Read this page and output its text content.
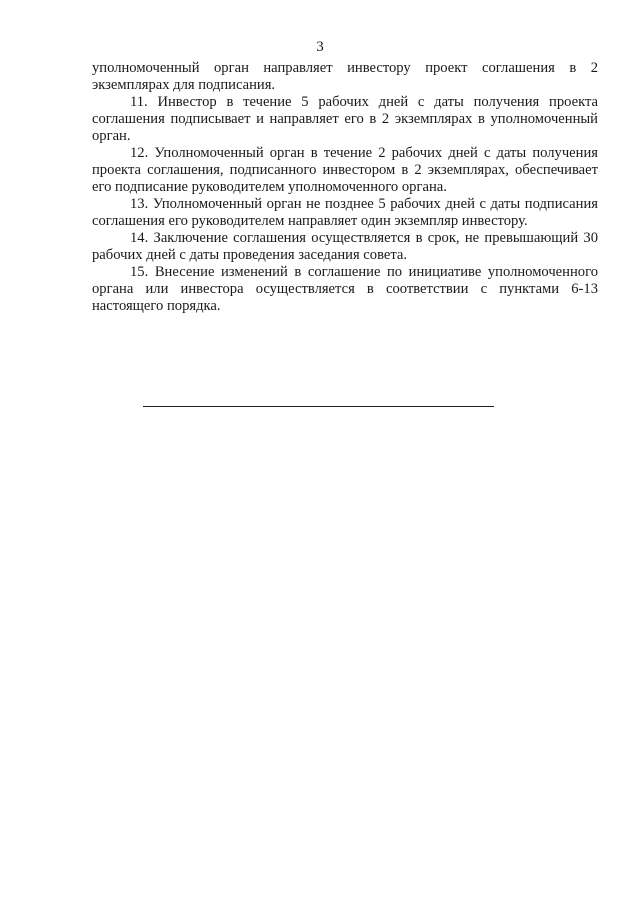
3

уполномоченный орган направляет инвестору проект соглашения в 2 экземплярах для подписания.

11. Инвестор в течение 5 рабочих дней с даты получения проекта соглашения подписывает и направляет его в 2 экземплярах в уполномоченный орган.

12. Уполномоченный орган в течение 2 рабочих дней с даты получения проекта соглашения, подписанного инвестором в 2 экземплярах, обеспечивает его подписание руководителем уполномоченного органа.

13. Уполномоченный орган не позднее 5 рабочих дней с даты подписания соглашения его руководителем направляет один экземпляр инвестору.

14. Заключение соглашения осуществляется в срок, не превышающий 30 рабочих дней с даты проведения заседания совета.

15. Внесение изменений в соглашение по инициативе уполномоченного органа или инвестора осуществляется в соответствии с пунктами 6-13 настоящего порядка.
